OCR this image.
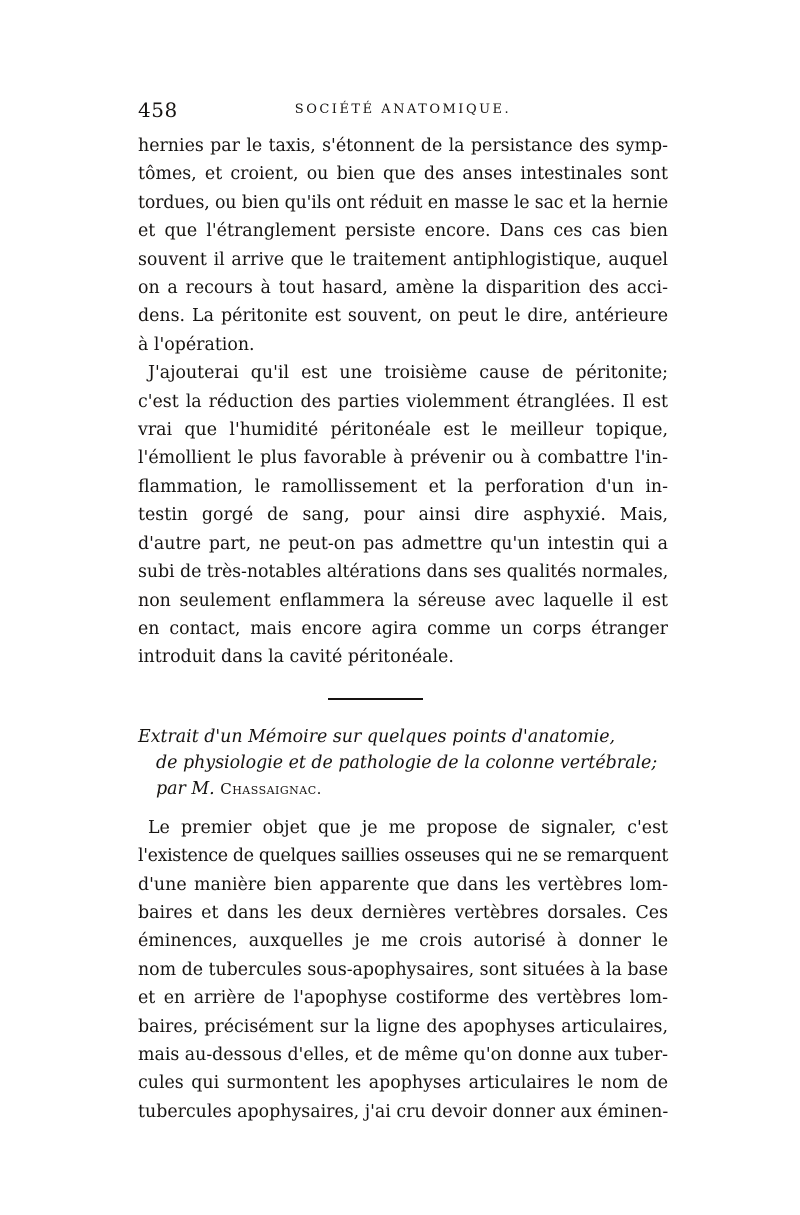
458	SOCIÉTÉ ANATOMIQUE.
hernies par le taxis, s'étonnent de la persistance des symp-
tômes, et croient, ou bien que des anses intestinales sont
tordues, ou bien qu'ils ont réduit en masse le sac et la hernie
et que l'étranglement persiste encore. Dans ces cas bien
souvent il arrive que le traitement antiphlogistique, auquel
on a recours à tout hasard, amène la disparition des acci-
dens. La péritonite est souvent, on peut le dire, antérieure
à l'opération.
J'ajouterai qu'il est une troisième cause de péritonite;
c'est la réduction des parties violemment étranglées. Il est
vrai que l'humidité péritonéale est le meilleur topique,
l'émollient le plus favorable à prévenir ou à combattre l'in-
flammation, le ramollissement et la perforation d'un in-
testin gorgé de sang, pour ainsi dire asphyxié. Mais,
d'autre part, ne peut-on pas admettre qu'un intestin qui a
subi de très-notables altérations dans ses qualités normales,
non seulement enflammera la séreuse avec laquelle il est
en contact, mais encore agira comme un corps étranger
introduit dans la cavité péritonéale.
Extrait d'un Mémoire sur quelques points d'anatomie,
de physiologie et de pathologie de la colonne vertébrale;
par M. Chassaignac.
Le premier objet que je me propose de signaler, c'est
l'existence de quelques saillies osseuses qui ne se remarquent
d'une manière bien apparente que dans les vertèbres lom-
baires et dans les deux dernières vertèbres dorsales. Ces
éminences, auxquelles je me crois autorisé à donner le
nom de tubercules sous-apophysaires, sont situées à la base
et en arrière de l'apophyse costiforme des vertèbres lom-
baires, précisément sur la ligne des apophyses articulaires,
mais au-dessous d'elles, et de même qu'on donne aux tuber-
cules qui surmontent les apophyses articulaires le nom de
tubercules apophysaires, j'ai cru devoir donner aux éminen-
